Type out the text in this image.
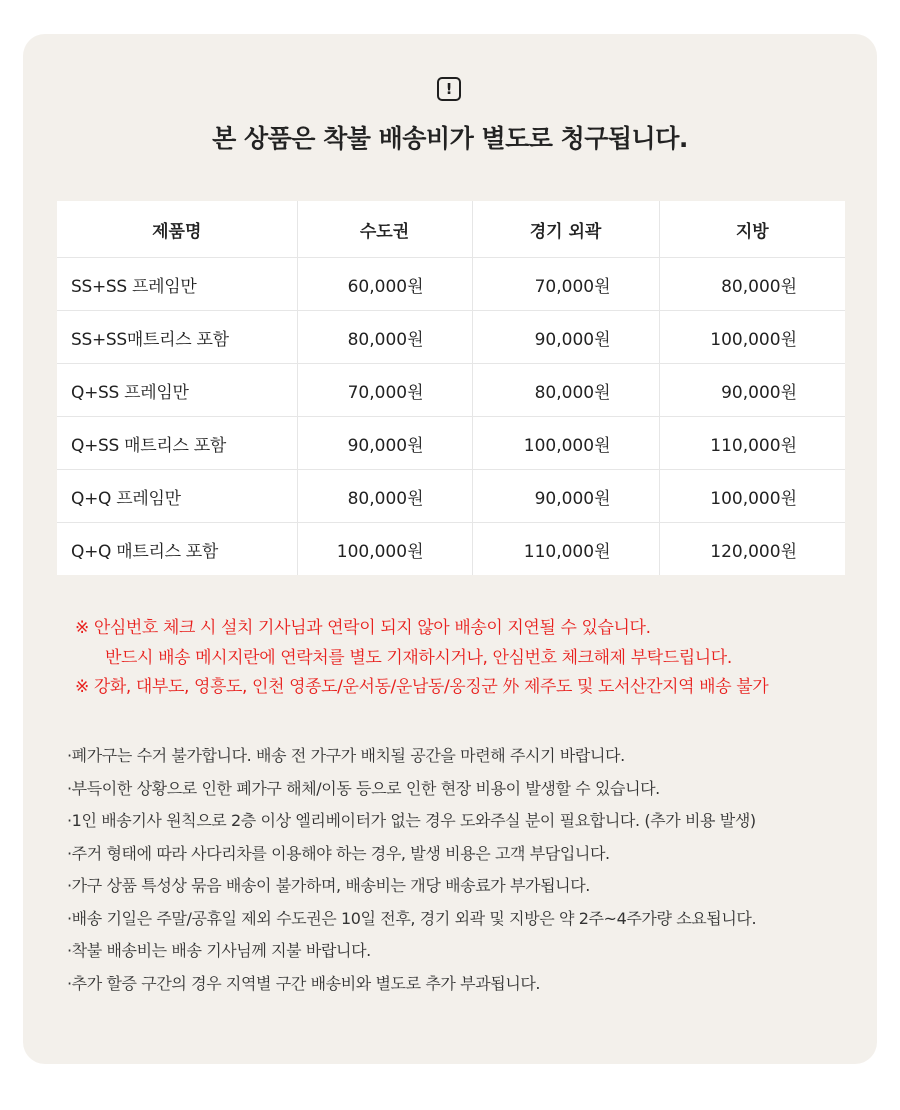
!
본 상품은 착불 배송비가 별도로 청구됩니다.
제품명	수도권	경기 외곽	지방
SS+SS 프레임만	60,000원	70,000원	80,000원
SS+SS매트리스 포함	80,000원	90,000원	100,000원
Q+SS 프레임만	70,000원	80,000원	90,000원
Q+SS 매트리스 포함	90,000원	100,000원	110,000원
Q+Q 프레임만	80,000원	90,000원	100,000원
Q+Q 매트리스 포함	100,000원	110,000원	120,000원
※ 안심번호 체크 시 설치 기사님과 연락이 되지 않아 배송이 지연될 수 있습니다.
반드시 배송 메시지란에 연락처를 별도 기재하시거나, 안심번호 체크해제 부탁드립니다.
※ 강화, 대부도, 영흥도, 인천 영종도/운서동/운남동/옹징군 外 제주도 및 도서산간지역 배송 불가
·폐가구는 수거 불가합니다. 배송 전 가구가 배치될 공간을 마련해 주시기 바랍니다.
·부득이한 상황으로 인한 폐가구 해체/이동 등으로 인한 현장 비용이 발생할 수 있습니다.
·1인 배송기사 원칙으로 2층 이상 엘리베이터가 없는 경우 도와주실 분이 필요합니다. (추가 비용 발생)
·주거 형태에 따라 사다리차를 이용해야 하는 경우, 발생 비용은 고객 부담입니다.
·가구 상품 특성상 묶음 배송이 불가하며, 배송비는 개당 배송료가 부가됩니다.
·배송 기일은 주말/공휴일 제외 수도권은 10일 전후, 경기 외곽 및 지방은 약 2주~4주가량 소요됩니다.
·착불 배송비는 배송 기사님께 지불 바랍니다.
·추가 할증 구간의 경우 지역별 구간 배송비와 별도로 추가 부과됩니다.
